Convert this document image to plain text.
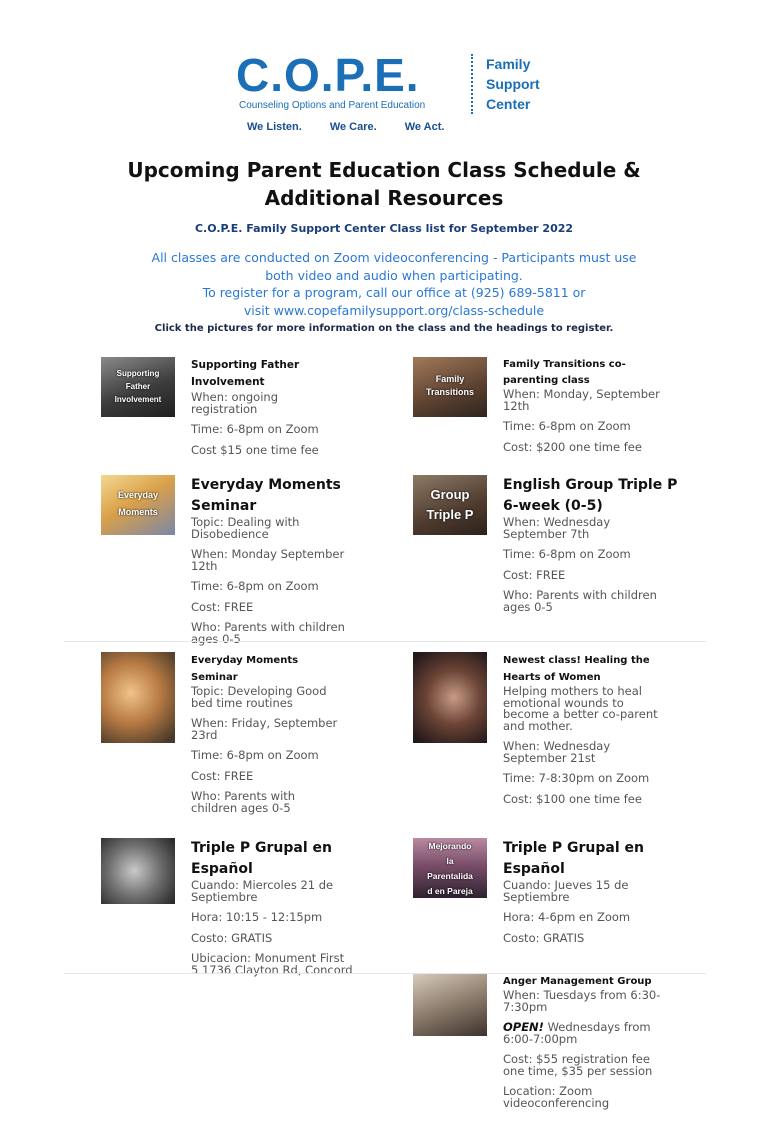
C.O.P.E.
Counseling Options and Parent Education
Family
Support
Center
We Listen.	We Care.	We Act.
Upcoming Parent Education Class Schedule &
Additional Resources
C.O.P.E. Family Support Center Class list for September 2022
All classes are conducted on Zoom videoconferencing - Participants must use
both video and audio when participating.
To register for a program, call our office at (925) 689-5811 or
visit www.copefamilysupport.org/class-schedule
Click the pictures for more information on the class and the headings to register.
Supporting
Father
Involvement
Supporting Father
Involvement
When: ongoing
registration
Time: 6-8pm on Zoom
Cost $15 one time fee
Family
Transitions
Family Transitions co-
parenting class
When: Monday, September
12th
Time: 6-8pm on Zoom
Cost: $200 one time fee
Everyday
Moments
Everyday Moments
Seminar
Topic: Dealing with
Disobedience
When: Monday September
12th
Time: 6-8pm on Zoom
Cost: FREE
Who: Parents with children
ages 0-5
Group
Triple P
English Group Triple P
6-week (0-5)
When: Wednesday
September 7th
Time: 6-8pm on Zoom
Cost: FREE
Who: Parents with children
ages 0-5
Everyday Moments
Seminar
Topic: Developing Good
bed time routines
When: Friday, September
23rd
Time: 6-8pm on Zoom
Cost: FREE
Who: Parents with
children ages 0-5
Newest class! Healing the
Hearts of Women
Helping mothers to heal
emotional wounds to
become a better co-parent
and mother.
When: Wednesday
September 21st
Time: 7-8:30pm on Zoom
Cost: $100 one time fee
Triple P Grupal en
Español
Cuando: Miercoles 21 de
Septiembre
Hora: 10:15 - 12:15pm
Costo: GRATIS
Ubicacion: Monument First
5 1736 Clayton Rd, Concord
Mejorando
la
Parentalida
d en Pareja
Triple P Grupal en
Español
Cuando: Jueves 15 de
Septiembre
Hora: 4-6pm en Zoom
Costo: GRATIS
Anger Management Group
When: Tuesdays from 6:30-
7:30pm
OPEN! Wednesdays from
6:00-7:00pm
Cost: $55 registration fee
one time, $35 per session
Location: Zoom
videoconferencing
